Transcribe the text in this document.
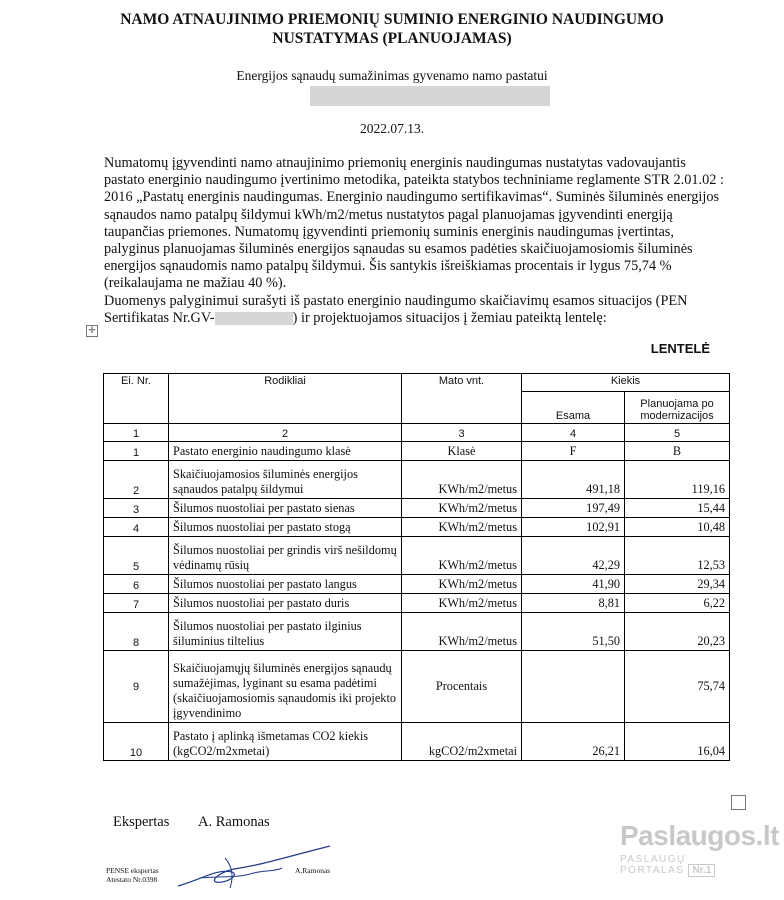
NAMO ATNAUJINIMO PRIEMONIŲ SUMINIO ENERGINIO NAUDINGUMO
NUSTATYMAS (PLANUOJAMAS)
Energijos sąnaudų sumažinimas gyvenamo namo pastatui
2022.07.13.

Numatomų įgyvendinti namo atnaujinimo priemonių energinis naudingumas nustatytas vadovaujantis pastato energinio naudingumo įvertinimo metodika, pateikta statybos techniniame reglamente STR 2.01.02 : 2016 „Pastatų energinis naudingumas. Energinio naudingumo sertifikavimas“. Suminės šiluminės energijos sąnaudos namo patalpų šildymui kWh/m2/metus nustatytos pagal planuojamas įgyvendinti energiją taupančias priemones. Numatomų įgyvendinti priemonių suminis energinis naudingumas įvertintas, palyginus planuojamas šiluminės energijos sąnaudas su esamos padėties skaičiuojamosiomis šiluminės energijos sąnaudomis namo patalpų šildymui. Šis santykis išreiškiamas procentais ir lygus 75,74 % (reikalaujama ne mažiau 40 %).

Duomenys palyginimui surašyti iš pastato energinio naudingumo skaičiavimų esamos situacijos (PEN Sertifikatas Nr.GV-	) ir projektuojamos situacijos į žemiau pateiktą lentelę:

✛
LENTELĖ
Ei. Nr.	Rodikliai	Mato vnt.	Kiekis	
			Esama	Planuojama po modernizacijos
1	2	3	4	5
1	Pastato energinio naudingumo klasė	Klasė	F	B
2	Skaičiuojamosios šiluminės energijos sąnaudos patalpų šildymui	KWh/m2/metus	491,18	119,16
3	Šilumos nuostoliai per pastato sienas	KWh/m2/metus	197,49	15,44
4	Šilumos nuostoliai per pastato stogą	KWh/m2/metus	102,91	10,48
5	Šilumos nuostoliai per grindis virš nešildomų vėdinamų rūsių	KWh/m2/metus	42,29	12,53
6	Šilumos nuostoliai per pastato langus	KWh/m2/metus	41,90	29,34
7	Šilumos nuostoliai per pastato duris	KWh/m2/metus	8,81	6,22
8	Šilumos nuostoliai per pastato ilginius šiluminius tiltelius	KWh/m2/metus	51,50	20,23
9	Skaičiuojamųjų šiluminės energijos sąnaudų sumažėjimas, lyginant su esama padėtimi (skaičiuojamosiomis sąnaudomis iki projekto įgyvendinimo	Procentais		75,74
10	Pastato į aplinką išmetamas CO2 kiekis (kgCO2/m2xmetai)	kgCO2/m2xmetai	26,21	16,04
Ekspertas A. Ramonas
PENSE ekspertas
Atestato Nr.0398
A.Ramonas
Paslaugos.lt
PASLAUGŲ PORTALAS Nr.1
